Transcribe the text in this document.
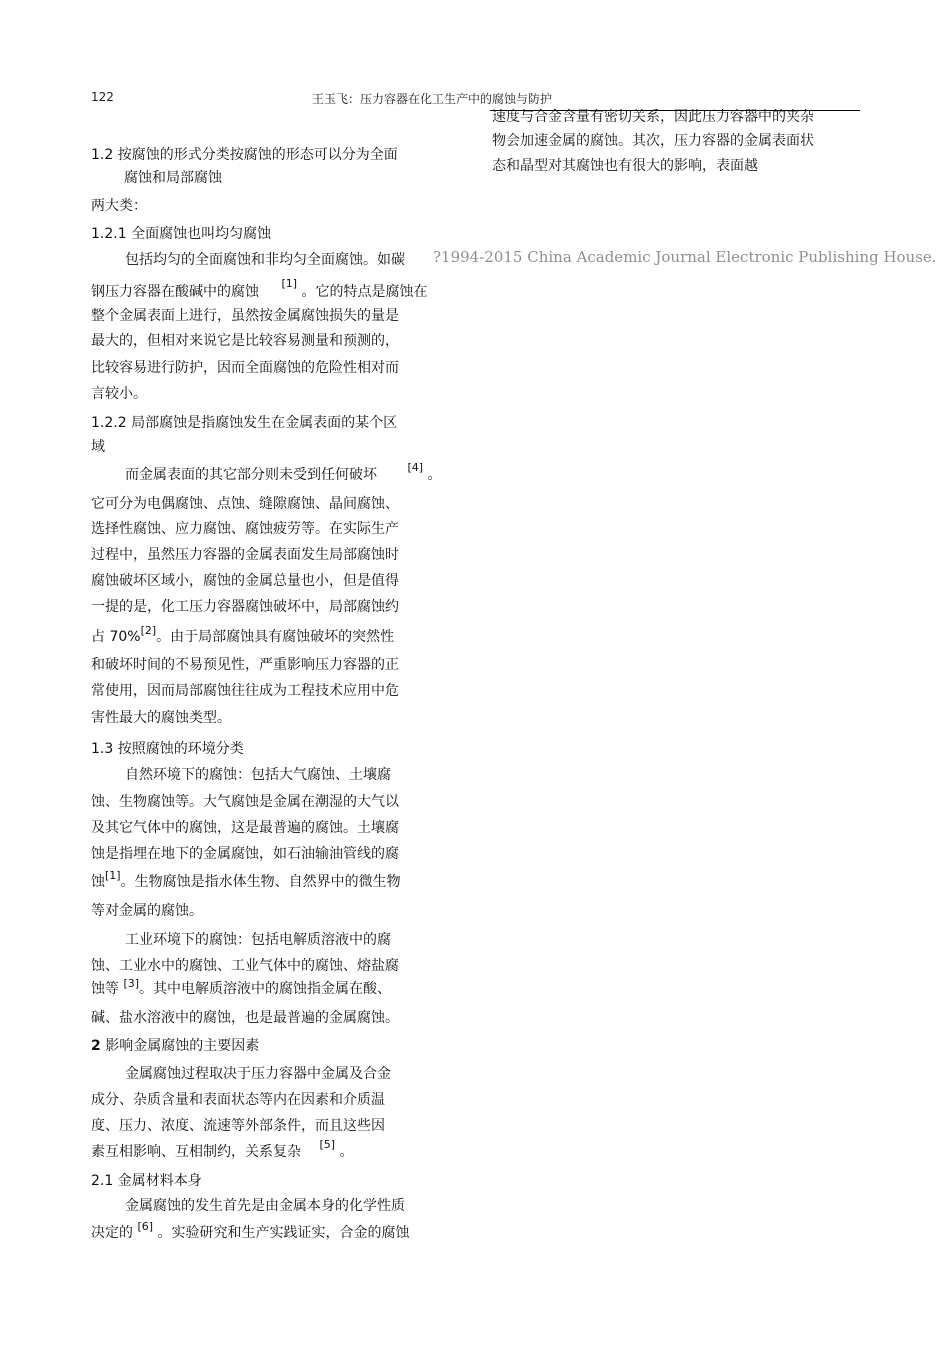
122	王玉飞：压力容器在化工生产中的腐蚀与防护
速度与合金含量有密切关系，因此压力容器中的夹杂
物会加速金属的腐蚀。其次，压力容器的金属表面状
态和晶型对其腐蚀也有很大的影响，表面越
?1994-2015 China Academic Journal Electronic Publishing House.
1.2 按腐蚀的形式分类按腐蚀的形态可以分为全面
腐蚀和局部腐蚀
两大类：
1.2.1 全面腐蚀也叫均匀腐蚀
包括均匀的全面腐蚀和非均匀全面腐蚀。如碳
钢压力容器在酸碱中的腐蚀 [1] 。它的特点是腐蚀在
整个金属表面上进行，虽然按金属腐蚀损失的量是
最大的，但相对来说它是比较容易测量和预测的，
比较容易进行防护，因而全面腐蚀的危险性相对而
言较小。
1.2.2 局部腐蚀是指腐蚀发生在金属表面的某个区
域
而金属表面的其它部分则未受到任何破坏	[4] 。
它可分为电偶腐蚀、点蚀、缝隙腐蚀、晶间腐蚀、
选择性腐蚀、应力腐蚀、腐蚀疲劳等。在实际生产
过程中，虽然压力容器的金属表面发生局部腐蚀时
腐蚀破坏区域小，腐蚀的金属总量也小，但是值得
一提的是，化工压力容器腐蚀破坏中，局部腐蚀约
占 70%[2]。由于局部腐蚀具有腐蚀破坏的突然性
和破坏时间的不易预见性，严重影响压力容器的正
常使用，因而局部腐蚀往往成为工程技术应用中危
害性最大的腐蚀类型。
1.3 按照腐蚀的环境分类
自然环境下的腐蚀：包括大气腐蚀、土壤腐
蚀、生物腐蚀等。大气腐蚀是金属在潮湿的大气以
及其它气体中的腐蚀，这是最普遍的腐蚀。土壤腐
蚀是指埋在地下的金属腐蚀，如石油输油管线的腐
蚀[1]。生物腐蚀是指水体生物、自然界中的微生物
等对金属的腐蚀。
工业环境下的腐蚀：包括电解质溶液中的腐
蚀、工业水中的腐蚀、工业气体中的腐蚀、熔盐腐
蚀等 [3]。其中电解质溶液中的腐蚀指金属在酸、
碱、盐水溶液中的腐蚀，也是最普遍的金属腐蚀。
2 影响金属腐蚀的主要因素
金属腐蚀过程取决于压力容器中金属及合金
成分、杂质含量和表面状态等内在因素和介质温
度、压力、浓度、流速等外部条件，而且这些因
素互相影响、互相制约，关系复杂 [5] 。
2.1 金属材料本身
金属腐蚀的发生首先是由金属本身的化学性质
决定的 [6] 。实验研究和生产实践证实，合金的腐蚀
